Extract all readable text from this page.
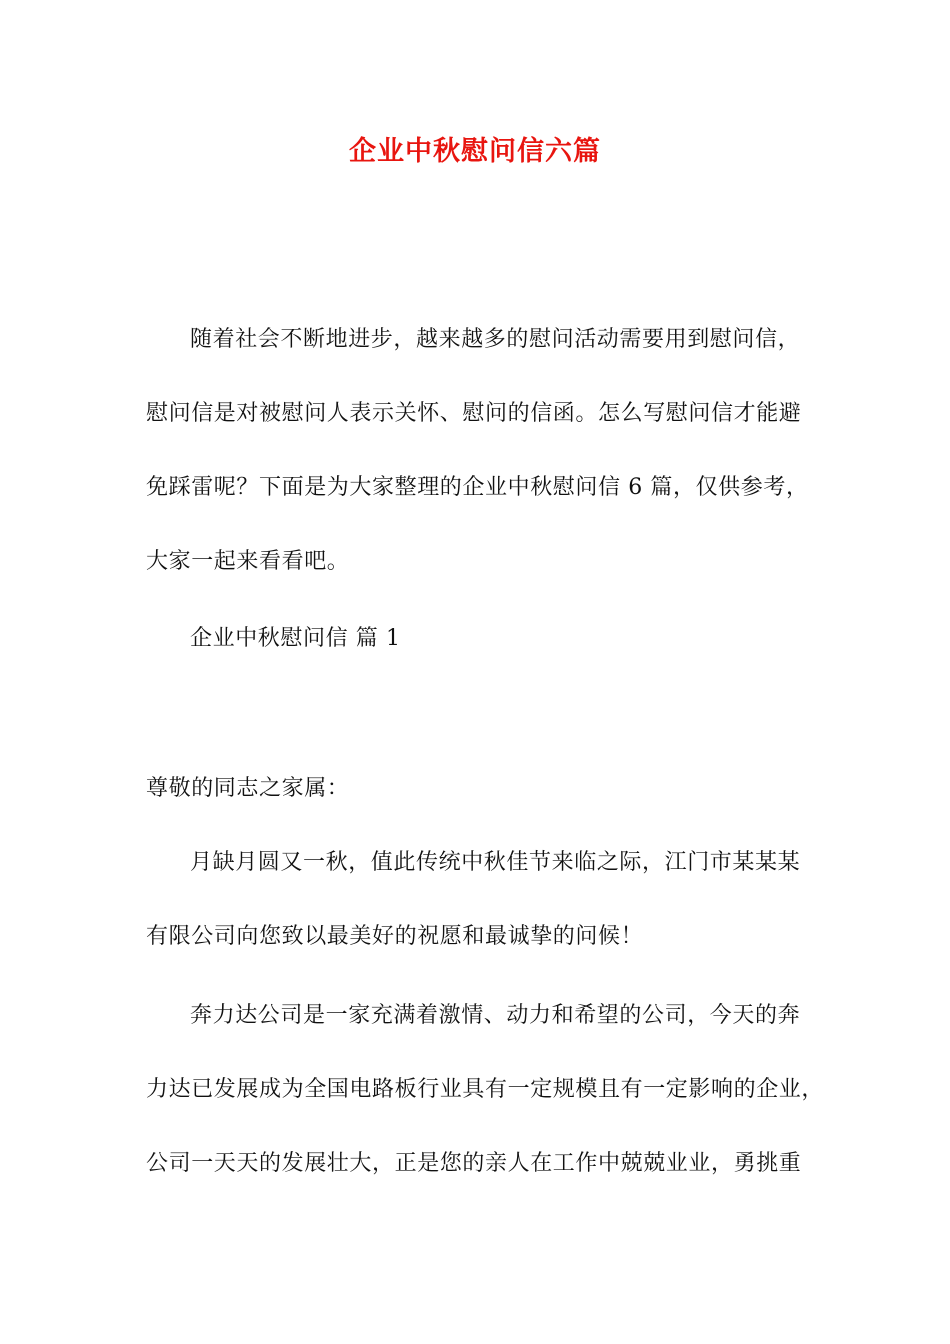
企业中秋慰问信六篇
随着社会不断地进步，越来越多的慰问活动需要用到慰问信，
慰问信是对被慰问人表示关怀、慰问的信函。怎么写慰问信才能避
免踩雷呢？下面是为大家整理的企业中秋慰问信 6 篇，仅供参考，
大家一起来看看吧。
企业中秋慰问信 篇 1
尊敬的同志之家属：
月缺月圆又一秋，值此传统中秋佳节来临之际，江门市某某某
有限公司向您致以最美好的祝愿和最诚挚的问候！
奔力达公司是一家充满着激情、动力和希望的公司，今天的奔
力达已发展成为全国电路板行业具有一定规模且有一定影响的企业，
公司一天天的发展壮大，正是您的亲人在工作中兢兢业业，勇挑重
